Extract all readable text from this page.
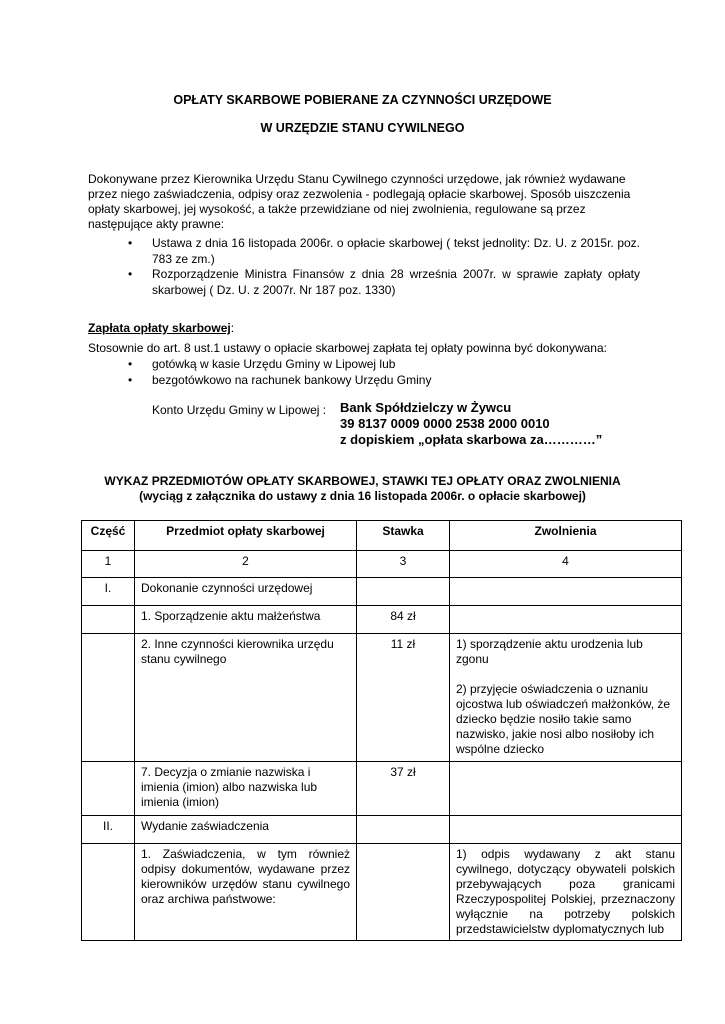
OPŁATY SKARBOWE POBIERANE ZA CZYNNOŚCI URZĘDOWE
W URZĘDZIE STANU CYWILNEGO
Dokonywane przez Kierownika Urzędu Stanu Cywilnego czynności urzędowe, jak również wydawane przez niego zaświadczenia, odpisy oraz zezwolenia - podlegają opłacie skarbowej. Sposób uiszczenia opłaty skarbowej, jej wysokość, a także przewidziane od niej zwolnienia, regulowane są przez następujące akty prawne:
• Ustawa z dnia 16 listopada 2006r. o opłacie skarbowej ( tekst jednolity: Dz. U. z 2015r. poz. 783 ze zm.)
• Rozporządzenie Ministra Finansów z dnia 28 września 2007r. w sprawie zapłaty opłaty skarbowej ( Dz. U. z 2007r. Nr 187 poz. 1330)
Zapłata opłaty skarbowej:
Stosownie do art. 8 ust.1 ustawy o opłacie skarbowej zapłata tej opłaty powinna być dokonywana:
• gotówką w kasie Urzędu Gminy w Lipowej lub
• bezgotówkowo na rachunek bankowy Urzędu Gminy
Konto Urzędu Gminy w Lipowej : Bank Spółdzielczy w Żywcu
39 8137 0009 0000 2538 2000 0010
z dopiskiem „opłata skarbowa za…………”
WYKAZ PRZEDMIOTÓW OPŁATY SKARBOWEJ, STAWKI TEJ OPŁATY ORAZ ZWOLNIENIA
(wyciąg z załącznika do ustawy z dnia 16 listopada 2006r. o opłacie skarbowej)
Część	Przedmiot opłaty skarbowej	Stawka	Zwolnienia
1	2	3	4
I.	Dokonanie czynności urzędowej		
	1. Sporządzenie aktu małżeństwa	84 zł	
	2. Inne czynności kierownika urzędu stanu cywilnego	11 zł	1) sporządzenie aktu urodzenia lub zgonu
2) przyjęcie oświadczenia o uznaniu ojcostwa lub oświadczeń małżonków, że dziecko będzie nosiło takie samo nazwisko, jakie nosi albo nosiłoby ich wspólne dziecko

	7. Decyzja o zmianie nazwiska i imienia (imion) albo nazwiska lub imienia (imion)	37 zł	
II.	Wydanie zaświadczenia		
	1. Zaświadczenia, w tym również odpisy dokumentów, wydawane przez kierowników urzędów stanu cywilnego oraz archiwa państwowe:		1) odpis wydawany z akt stanu cywilnego, dotyczący obywateli polskich przebywających poza granicami Rzeczypospolitej Polskiej, przeznaczony wyłącznie na potrzeby polskich przedstawicielstw dyplomatycznych lub
